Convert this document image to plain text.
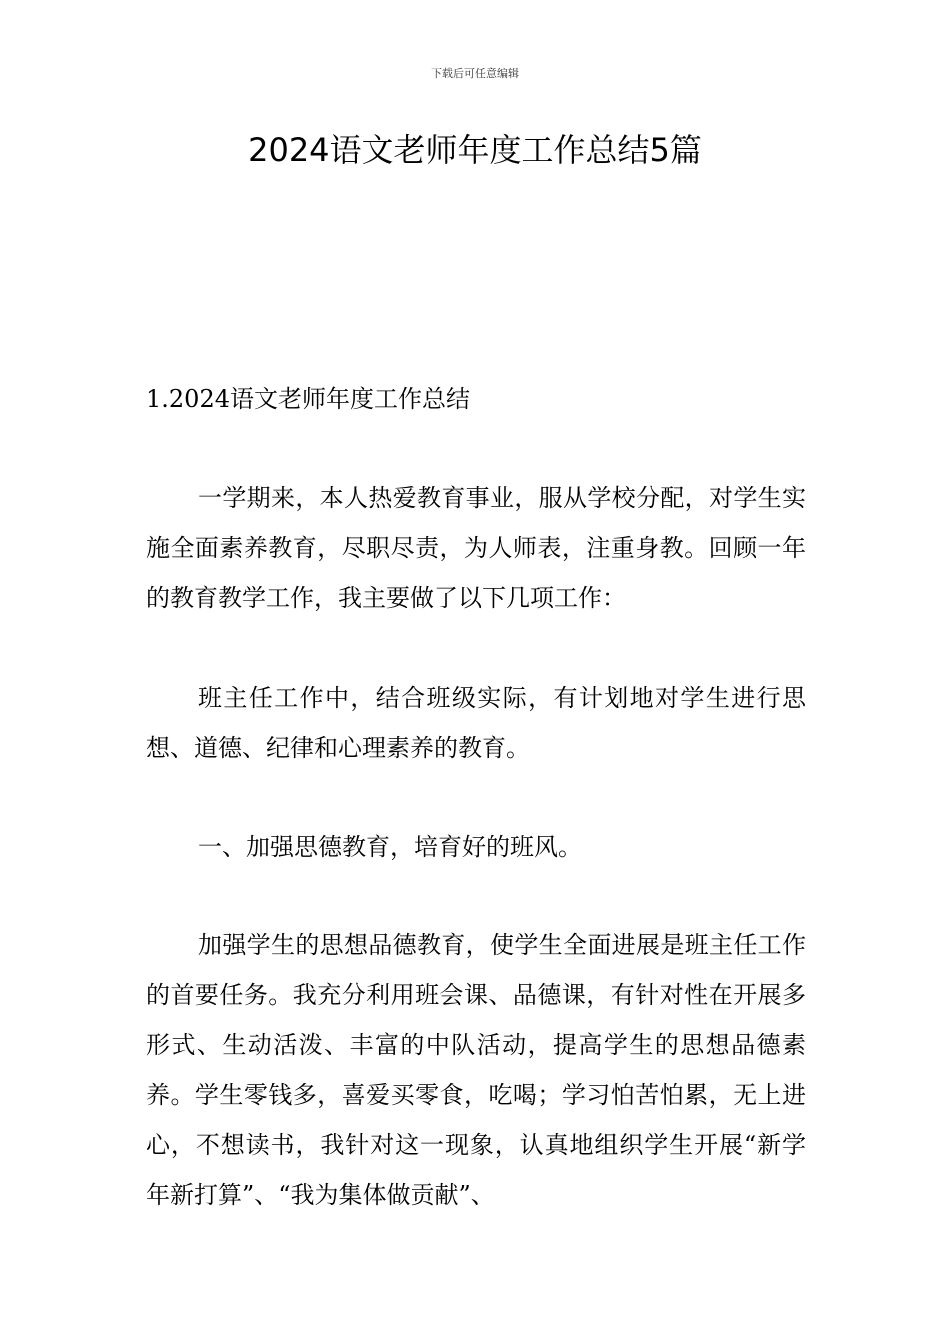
下载后可任意编辑
2024语文老师年度工作总结5篇
1.2024语文老师年度工作总结

一学期来，本人热爱教育事业，服从学校分配，对学生实施全面素养教育，尽职尽责，为人师表，注重身教。回顾一年的教育教学工作，我主要做了以下几项工作：

班主任工作中，结合班级实际，有计划地对学生进行思想、道德、纪律和心理素养的教育。

一、加强思德教育，培育好的班风。

加强学生的思想品德教育，使学生全面进展是班主任工作的首要任务。我充分利用班会课、品德课，有针对性在开展多形式、生动活泼、丰富的中队活动，提高学生的思想品德素养。学生零钱多，喜爱买零食，吃喝；学习怕苦怕累，无上进心，不想读书，我针对这一现象，认真地组织学生开展“新学年新打算”、“我为集体做贡献”、
